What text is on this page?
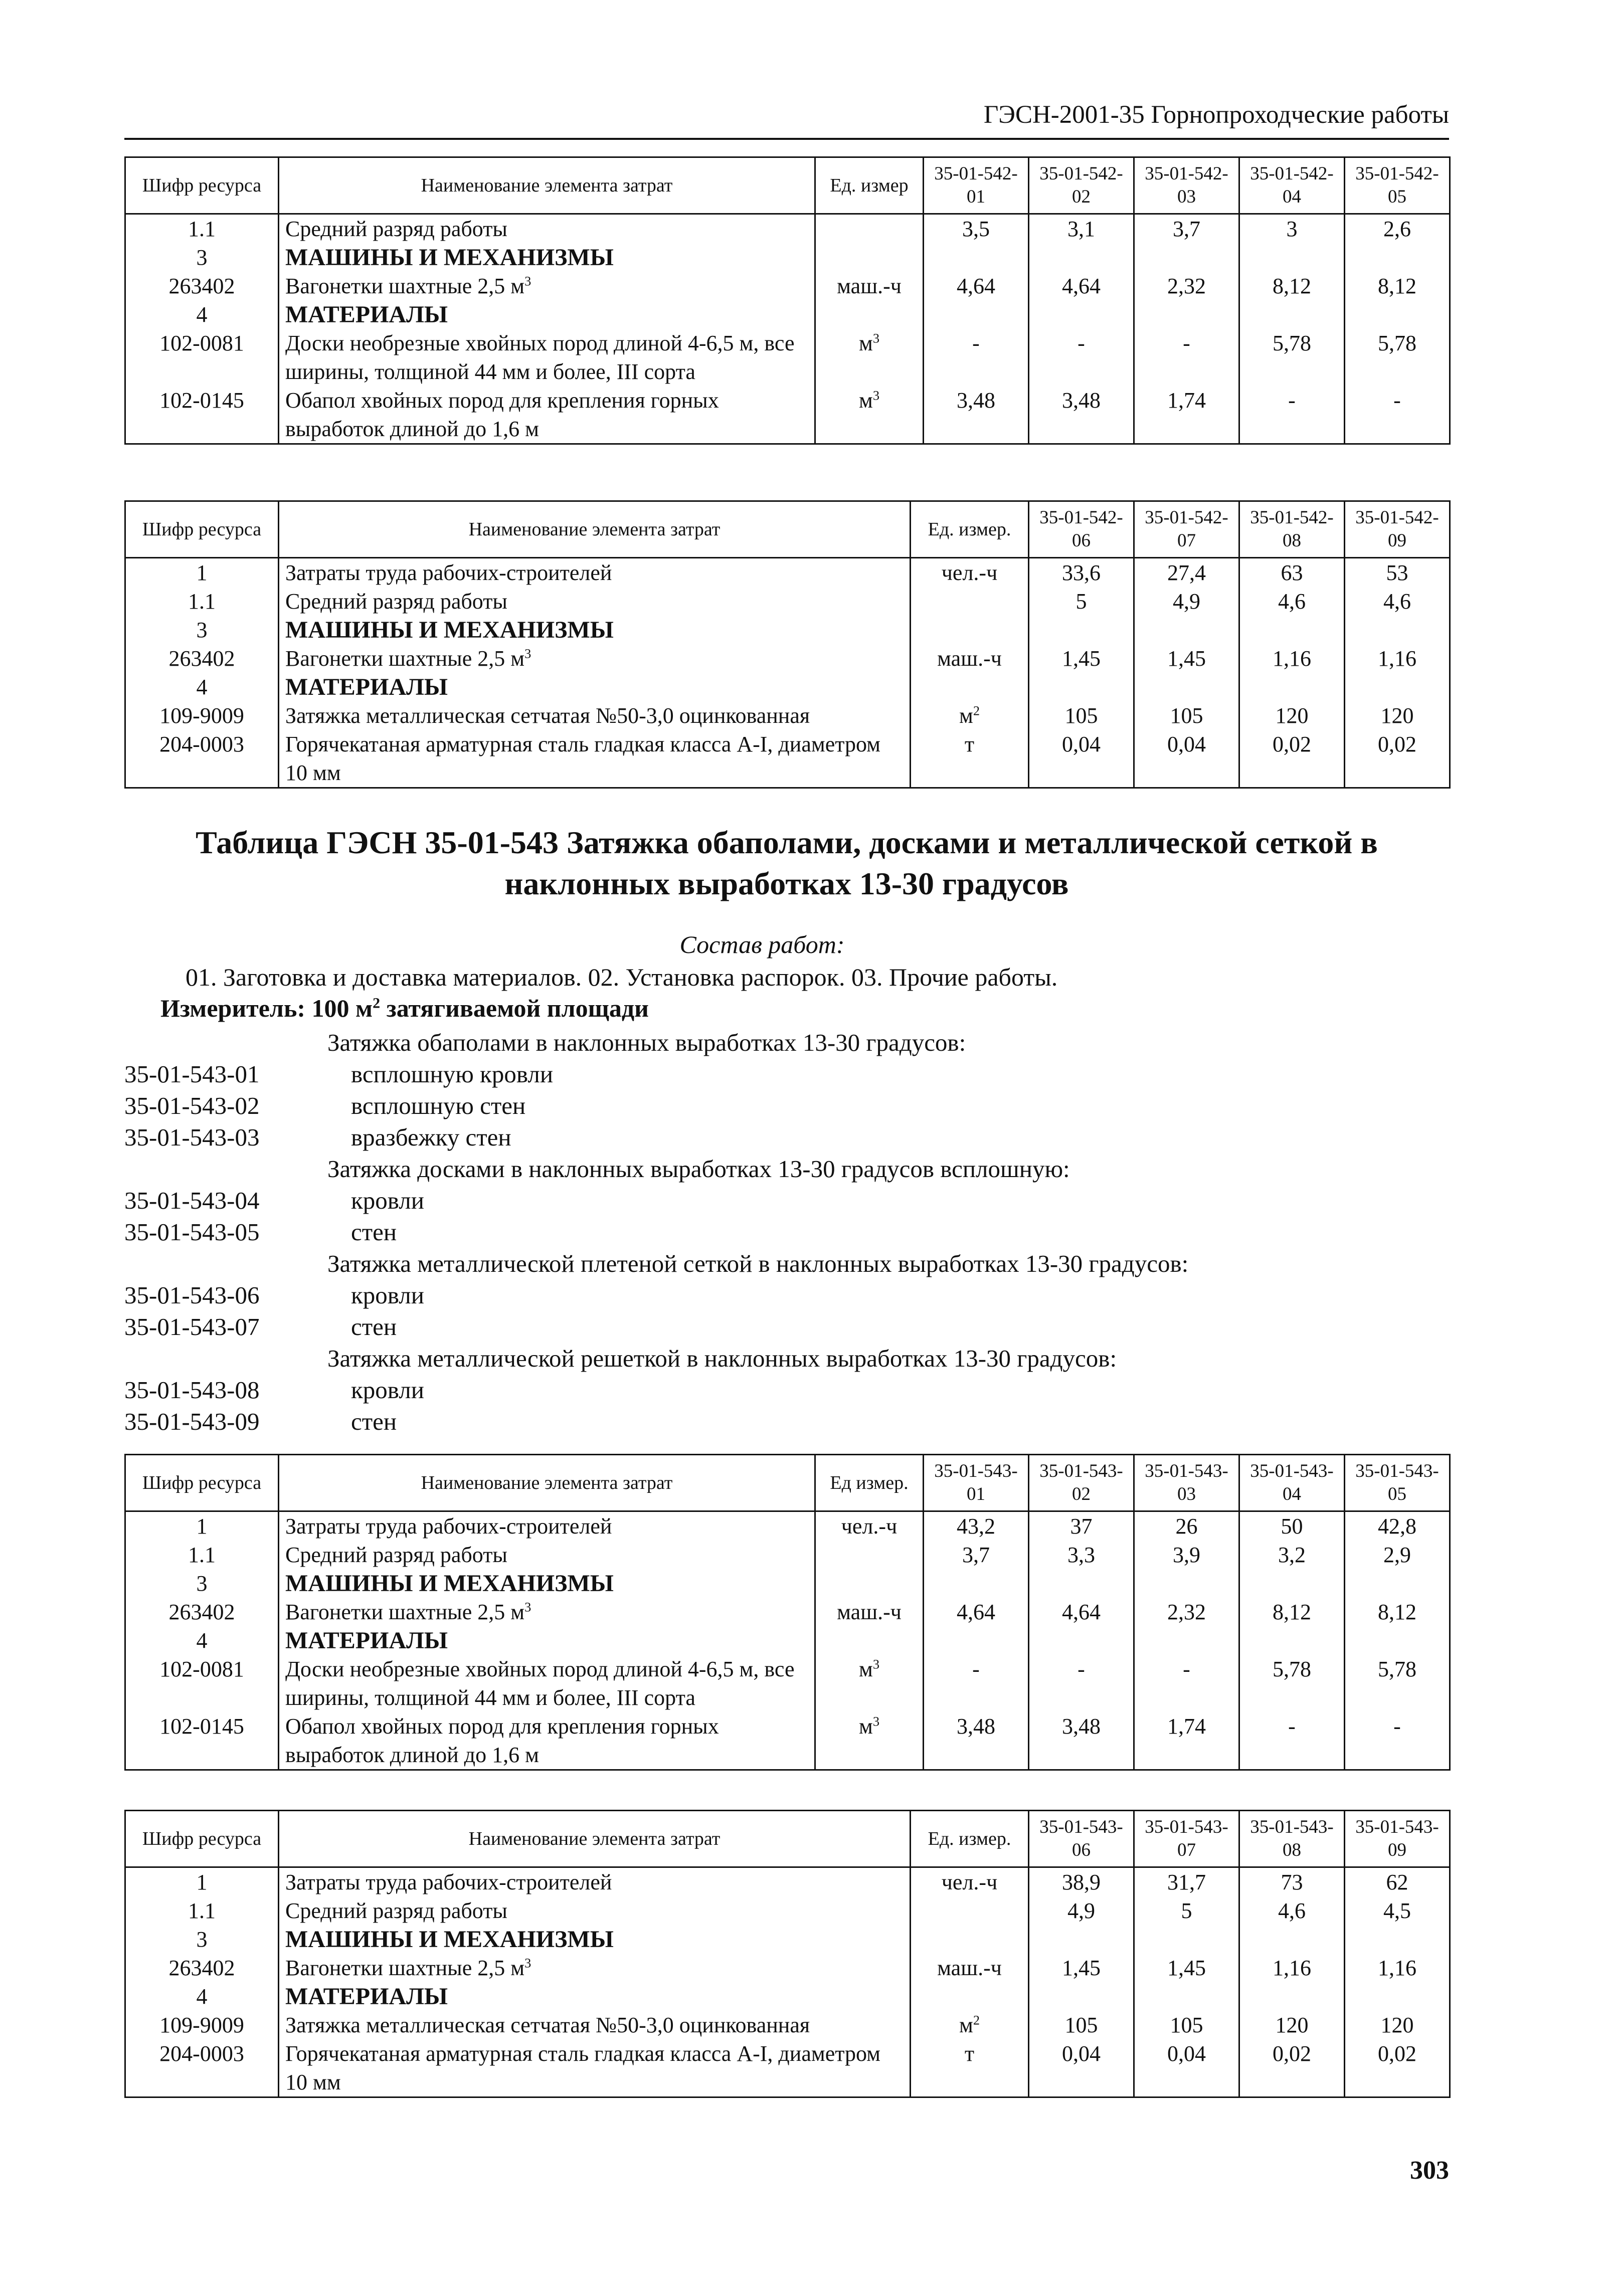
ГЭСН-2001-35 Горнопроходческие работы
Шифр ресурса	Наименование элемента затрат	Ед. измер	35-01-542-01	35-01-542-02	35-01-542-03	35-01-542-04	35-01-542-05
1.1	Средний разряд работы		3,5	3,1	3,7	3	2,6
3	МАШИНЫ И МЕХАНИЗМЫ						
263402	Вагонетки шахтные 2,5 $м^3$	маш.-ч	4,64	4,64	2,32	8,12	8,12
4	МАТЕРИАЛЫ						
102-0081	Доски необрезные хвойных пород длиной 4-6,5 м, все ширины, толщиной 44 мм и более, III сорта	$м^3$	-	-	-	5,78	5,78
102-0145	Обапол хвойных пород для крепления горных выработок длиной до 1,6 м	$м^3$	3,48	3,48	1,74	-	-
Шифр ресурса	Наименование элемента затрат	Ед. измер.	35-01-542-06	35-01-542-07	35-01-542-08	35-01-542-09
1	Затраты труда рабочих-строителей	чел.-ч	33,6	27,4	63	53
1.1	Средний разряд работы		5	4,9	4,6	4,6
3	МАШИНЫ И МЕХАНИЗМЫ					
263402	Вагонетки шахтные 2,5 $м^3$	маш.-ч	1,45	1,45	1,16	1,16
4	МАТЕРИАЛЫ					
109-9009	Затяжка металлическая сетчатая №50-3,0 оцинкованная	$м^2$	105	105	120	120
204-0003	Горячекатаная арматурная сталь гладкая класса А-I, диаметром 10 мм	т	0,04	0,04	0,02	0,02
Таблица ГЭСН 35-01-543 Затяжка обаполами, досками и металлической сеткой в наклонных выработках 13-30 градусов
Состав работ:
01. Заготовка и доставка материалов. 02. Установка распорок. 03. Прочие работы.
Измеритель: 100 $м^2$ затягиваемой площади
Затяжка обаполами в наклонных выработках 13-30 градусов:
35-01-543-01	всплошную кровли
35-01-543-02	всплошную стен
35-01-543-03	вразбежку стен
Затяжка досками в наклонных выработках 13-30 градусов всплошную:
35-01-543-04	кровли
35-01-543-05	стен
Затяжка металлической плетеной сеткой в наклонных выработках 13-30 градусов:
35-01-543-06	кровли
35-01-543-07	стен
Затяжка металлической решеткой в наклонных выработках 13-30 градусов:
35-01-543-08	кровли
35-01-543-09	стен
Шифр ресурса	Наименование элемента затрат	Ед измер.	35-01-543-01	35-01-543-02	35-01-543-03	35-01-543-04	35-01-543-05
1	Затраты труда рабочих-строителей	чел.-ч	43,2	37	26	50	42,8
1.1	Средний разряд работы		3,7	3,3	3,9	3,2	2,9
3	МАШИНЫ И МЕХАНИЗМЫ						
263402	Вагонетки шахтные 2,5 $м^3$	маш.-ч	4,64	4,64	2,32	8,12	8,12
4	МАТЕРИАЛЫ						
102-0081	Доски необрезные хвойных пород длиной 4-6,5 м, все ширины, толщиной 44 мм и более, III сорта	$м^3$	-	-	-	5,78	5,78
102-0145	Обапол хвойных пород для крепления горных выработок длиной до 1,6 м	$м^3$	3,48	3,48	1,74	-	-
Шифр ресурса	Наименование элемента затрат	Ед. измер.	35-01-543-06	35-01-543-07	35-01-543-08	35-01-543-09
1	Затраты труда рабочих-строителей	чел.-ч	38,9	31,7	73	62
1.1	Средний разряд работы		4,9	5	4,6	4,5
3	МАШИНЫ И МЕХАНИЗМЫ					
263402	Вагонетки шахтные 2,5 $м^3$	маш.-ч	1,45	1,45	1,16	1,16
4	МАТЕРИАЛЫ					
109-9009	Затяжка металлическая сетчатая №50-3,0 оцинкованная	$м^2$	105	105	120	120
204-0003	Горячекатаная арматурная сталь гладкая класса А-I, диаметром 10 мм	т	0,04	0,04	0,02	0,02
303
